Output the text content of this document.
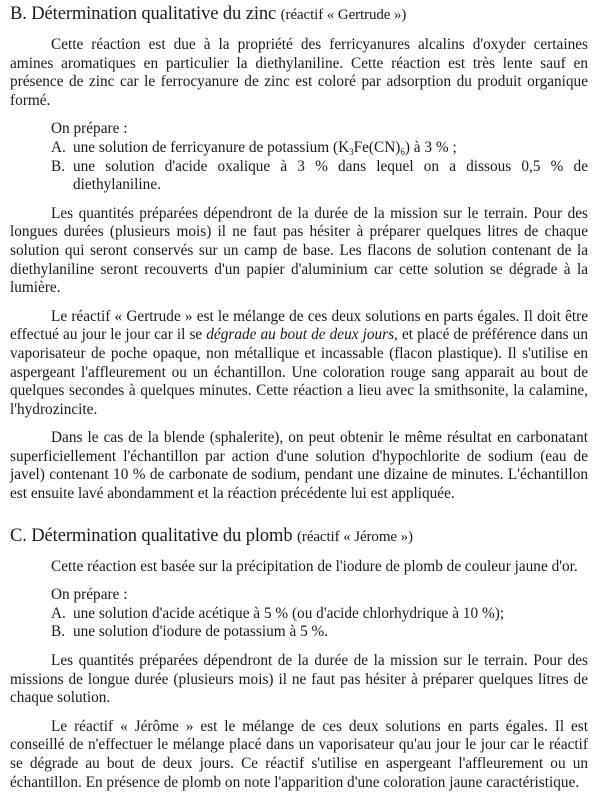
B. Détermination qualitative du zinc (réactif « Gertrude »)

Cette réaction est due à la propriété des ferricyanures alcalins d'oxyder certaines amines aromatiques en particulier la diethylaniline. Cette réaction est très lente sauf en présence de zinc car le ferrocyanure de zinc est coloré par adsorption du produit organique formé.

On prépare :

A. une solution de ferricyanure de potassium $(K_3Fe(CN)_6)$ à 3 % ;
B. une solution d'acide oxalique à 3 % dans lequel on a dissous 0,5 % de diethylaniline.

Les quantités préparées dépendront de la durée de la mission sur le terrain. Pour des longues durées (plusieurs mois) il ne faut pas hésiter à préparer quelques litres de chaque solution qui seront conservés sur un camp de base. Les flacons de solution contenant de la diethylaniline seront recouverts d'un papier d'aluminium car cette solution se dégrade à la lumière.

Le réactif « Gertrude » est le mélange de ces deux solutions en parts égales. Il doit être effectué au jour le jour car il se dégrade au bout de deux jours, et placé de préférence dans un vaporisateur de poche opaque, non métallique et incassable (flacon plastique). Il s'utilise en aspergeant l'affleurement ou un échantillon. Une coloration rouge sang apparait au bout de quelques secondes à quelques minutes. Cette réaction a lieu avec la smithsonite, la calamine, l'hydrozincite.

Dans le cas de la blende (sphalerite), on peut obtenir le même résultat en carbonatant superficiellement l'échantillon par action d'une solution d'hypochlorite de sodium (eau de javel) contenant 10 % de carbonate de sodium, pendant une dizaine de minutes. L'échantillon est ensuite lavé abondamment et la réaction précédente lui est appliquée.

C. Détermination qualitative du plomb (réactif « Jérome »)

Cette réaction est basée sur la précipitation de l'iodure de plomb de couleur jaune d'or.

On prépare :

A. une solution d'acide acétique à 5 % (ou d'acide chlorhydrique à 10 %);
B. une solution d'iodure de potassium à 5 %.

Les quantités préparées dépendront de la durée de la mission sur le terrain. Pour des missions de longue durée (plusieurs mois) il ne faut pas hésiter à préparer quelques litres de chaque solution.

Le réactif « Jérôme » est le mélange de ces deux solutions en parts égales. Il est conseillé de n'effectuer le mélange placé dans un vaporisateur qu'au jour le jour car le réactif se dégrade au bout de deux jours. Ce réactif s'utilise en aspergeant l'affleurement ou un échantillon. En présence de plomb on note l'apparition d'une coloration jaune caractéristique.
